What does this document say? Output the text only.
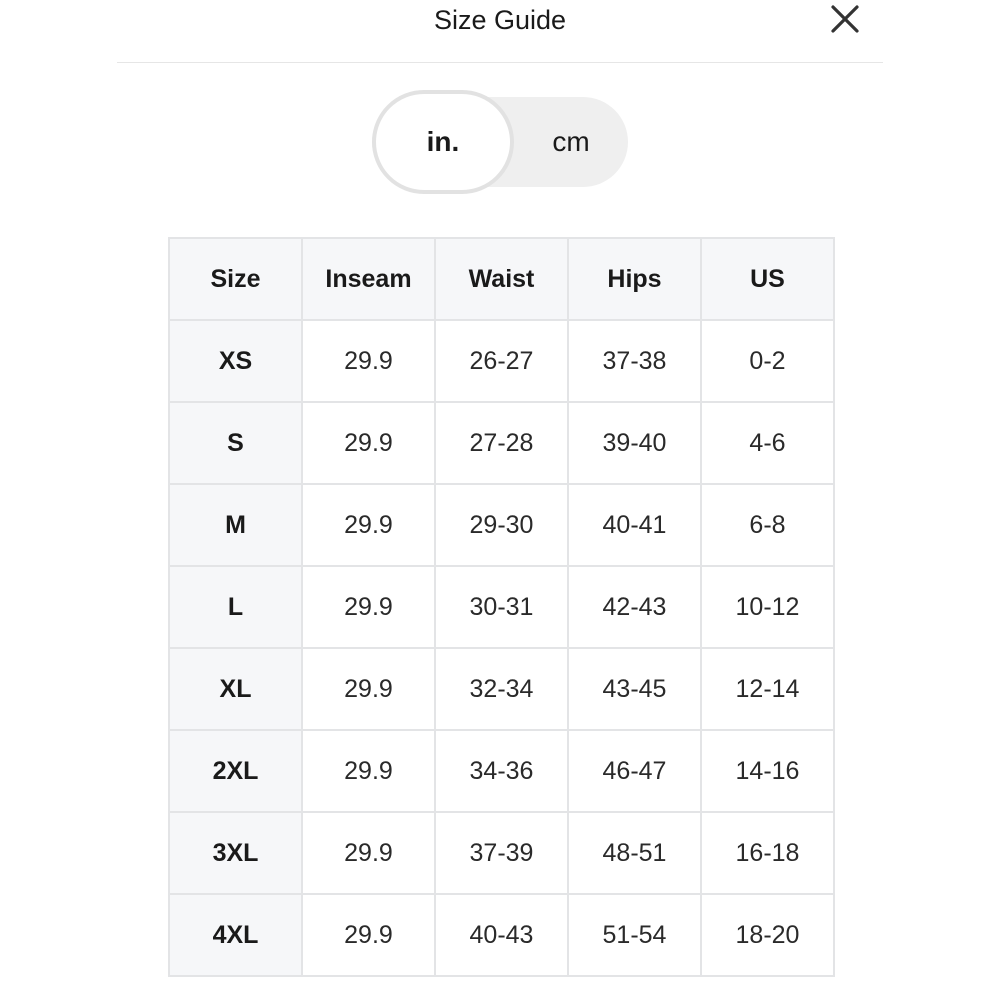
Size Guide
in.	cm
Size	Inseam	Waist	Hips	US
XS	29.9	26-27	37-38	0-2
S	29.9	27-28	39-40	4-6
M	29.9	29-30	40-41	6-8
L	29.9	30-31	42-43	10-12
XL	29.9	32-34	43-45	12-14
2XL	29.9	34-36	46-47	14-16
3XL	29.9	37-39	48-51	16-18
4XL	29.9	40-43	51-54	18-20
